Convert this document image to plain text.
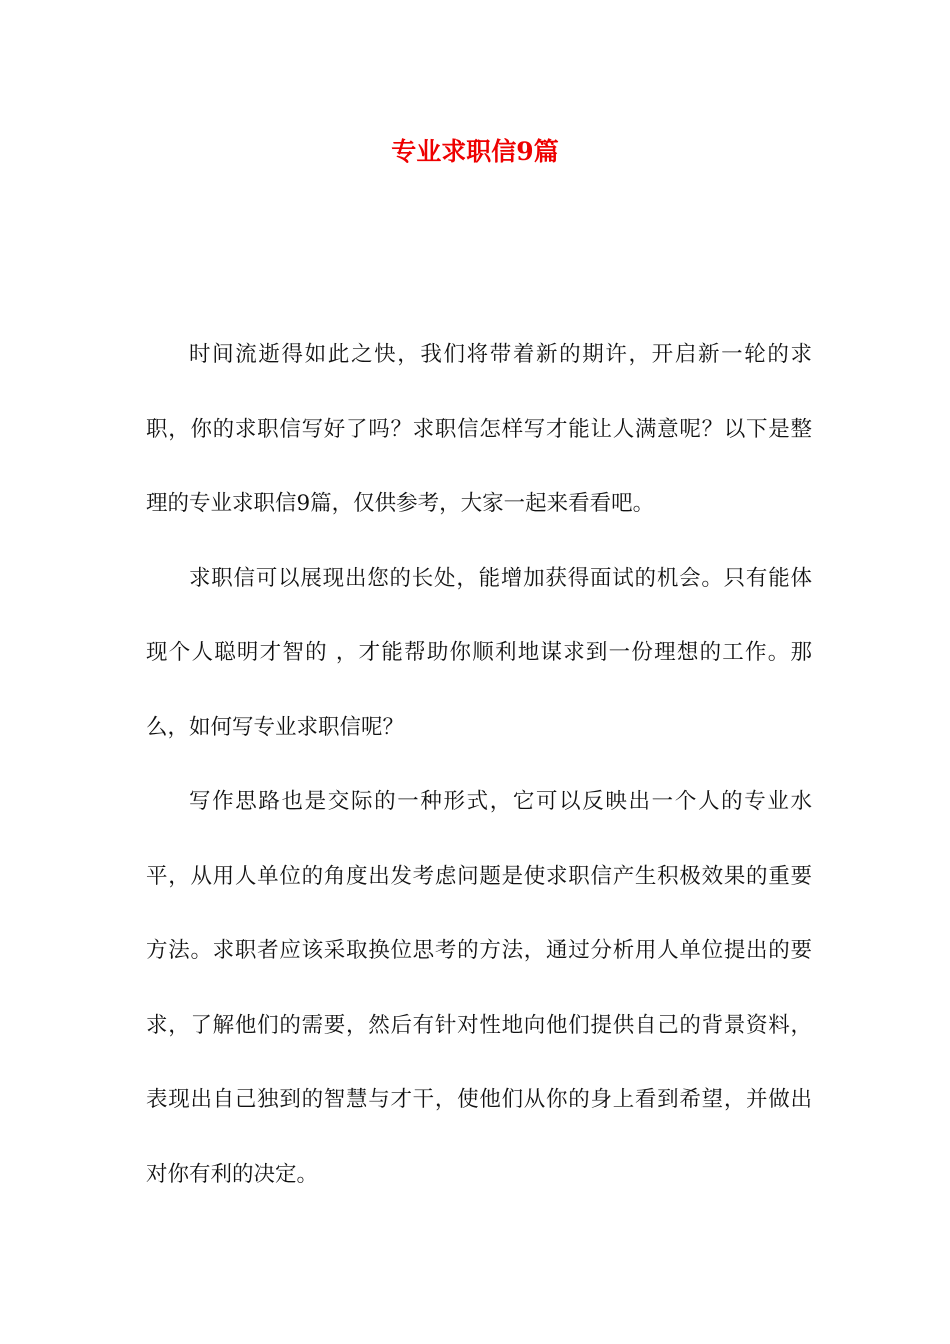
专业求职信9篇

时间流逝得如此之快，我们将带着新的期许，开启新一轮的求职，你的求职信写好了吗？求职信怎样写才能让人满意呢？以下是整理的专业求职信9篇，仅供参考，大家一起来看看吧。

求职信可以展现出您的长处，能增加获得面试的机会。只有能体现个人聪明才智的 ，才能帮助你顺利地谋求到一份理想的工作。那么，如何写专业求职信呢？

写作思路也是交际的一种形式，它可以反映出一个人的专业水平，从用人单位的角度出发考虑问题是使求职信产生积极效果的重要方法。求职者应该采取换位思考的方法，通过分析用人单位提出的要求，了解他们的需要，然后有针对性地向他们提供自己的背景资料，表现出自己独到的智慧与才干，使他们从你的身上看到希望，并做出对你有利的决定。
